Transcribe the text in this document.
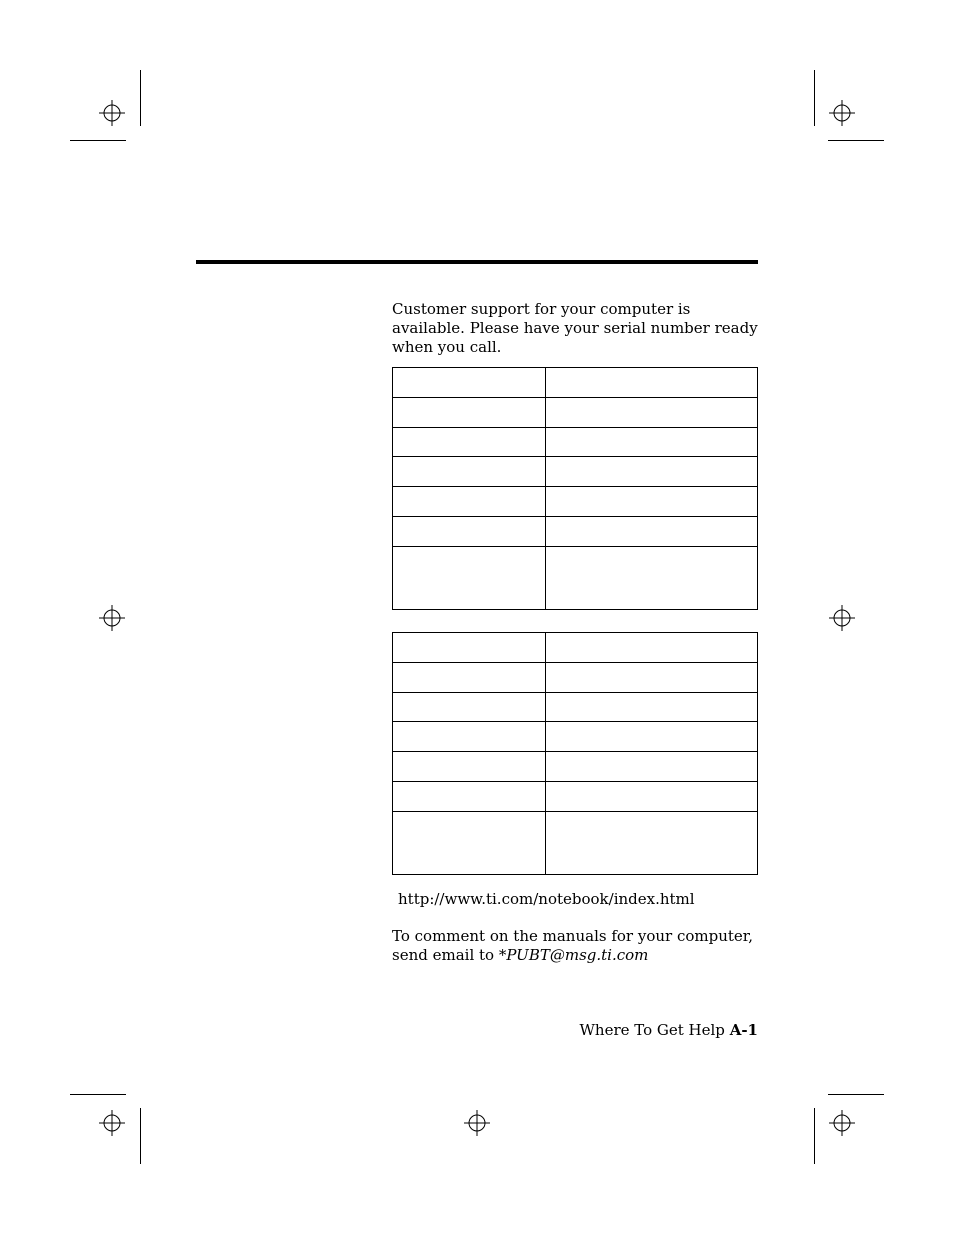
Customer support for your computer is available. Please have your serial number ready when you call.

http://www.ti.com/notebook/index.html
To comment on the manuals for your computer, send email to *PUBT@msg.ti.com
Where To Get Help A-1
